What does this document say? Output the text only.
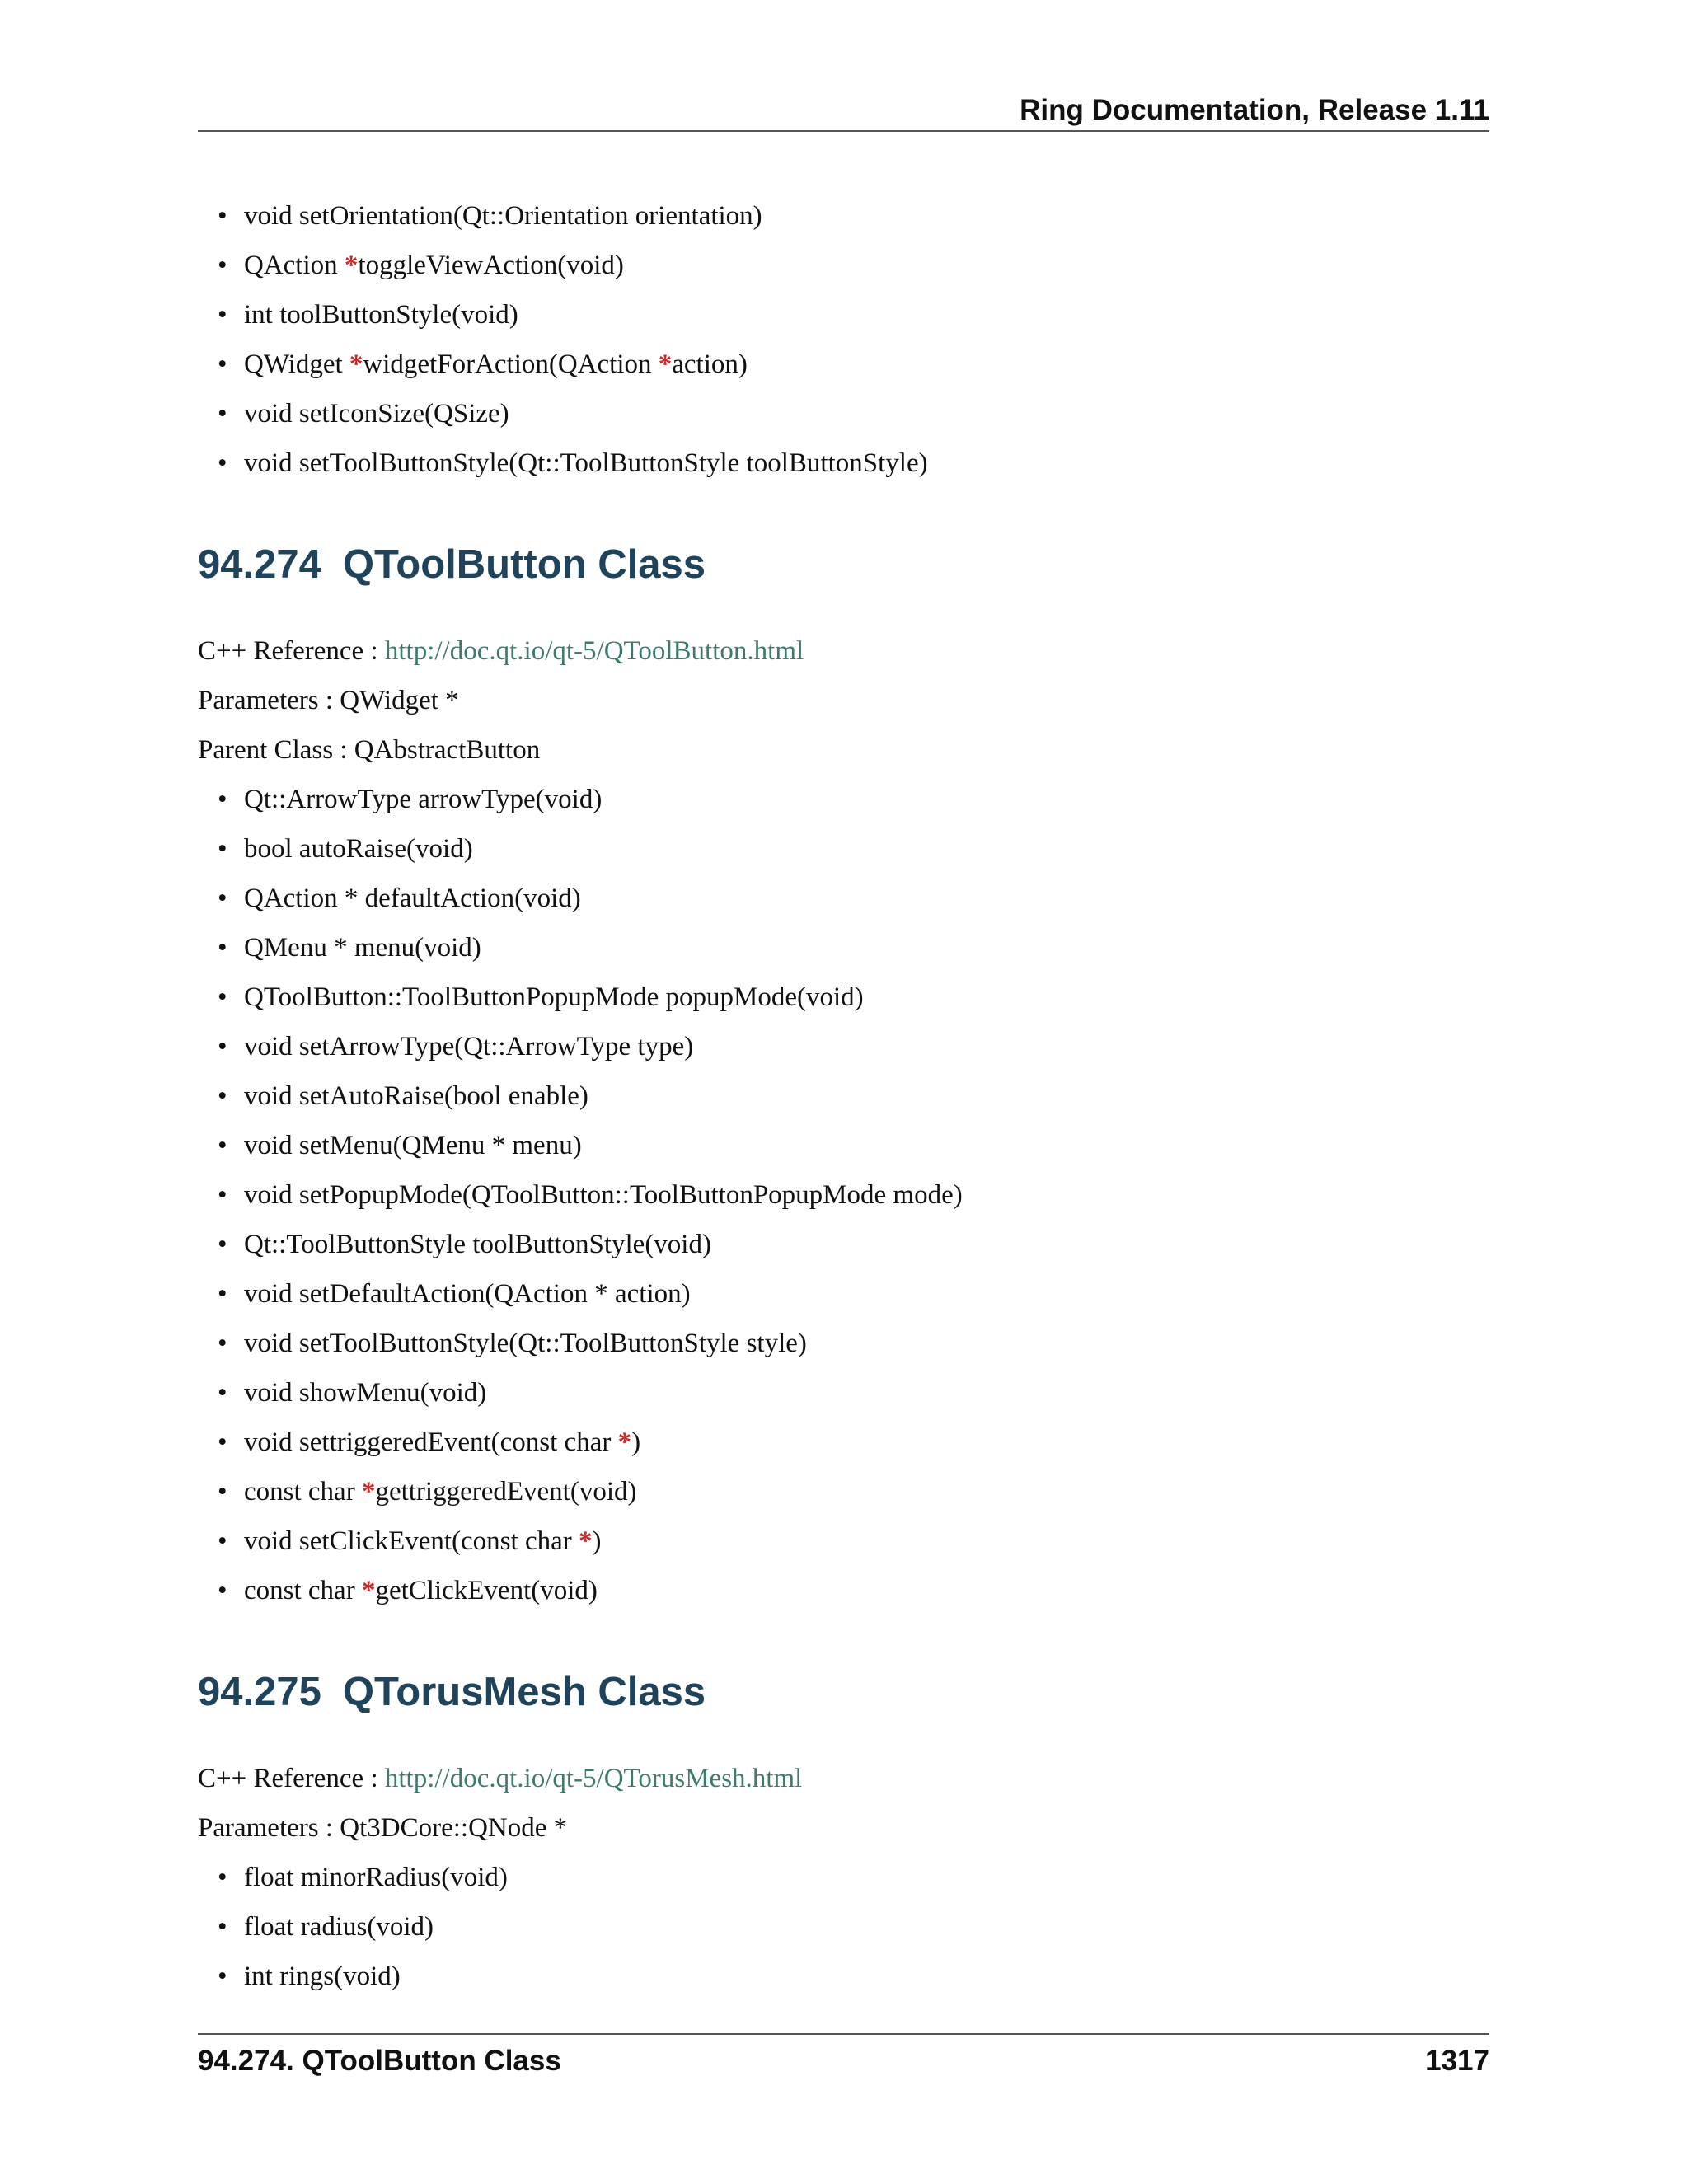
Ring Documentation, Release 1.11
• void setOrientation(Qt::Orientation orientation)
• QAction *toggleViewAction(void)
• int toolButtonStyle(void)
• QWidget *widgetForAction(QAction *action)
• void setIconSize(QSize)
• void setToolButtonStyle(Qt::ToolButtonStyle toolButtonStyle)
94.274 QToolButton Class
C++ Reference : http://doc.qt.io/qt-5/QToolButton.html
Parameters : QWidget *
Parent Class : QAbstractButton
• Qt::ArrowType arrowType(void)
• bool autoRaise(void)
• QAction * defaultAction(void)
• QMenu * menu(void)
• QToolButton::ToolButtonPopupMode popupMode(void)
• void setArrowType(Qt::ArrowType type)
• void setAutoRaise(bool enable)
• void setMenu(QMenu * menu)
• void setPopupMode(QToolButton::ToolButtonPopupMode mode)
• Qt::ToolButtonStyle toolButtonStyle(void)
• void setDefaultAction(QAction * action)
• void setToolButtonStyle(Qt::ToolButtonStyle style)
• void showMenu(void)
• void settriggeredEvent(const char *)
• const char *gettriggeredEvent(void)
• void setClickEvent(const char *)
• const char *getClickEvent(void)
94.275 QTorusMesh Class
C++ Reference : http://doc.qt.io/qt-5/QTorusMesh.html
Parameters : Qt3DCore::QNode *
• float minorRadius(void)
• float radius(void)
• int rings(void)
94.274. QToolButton Class	1317
